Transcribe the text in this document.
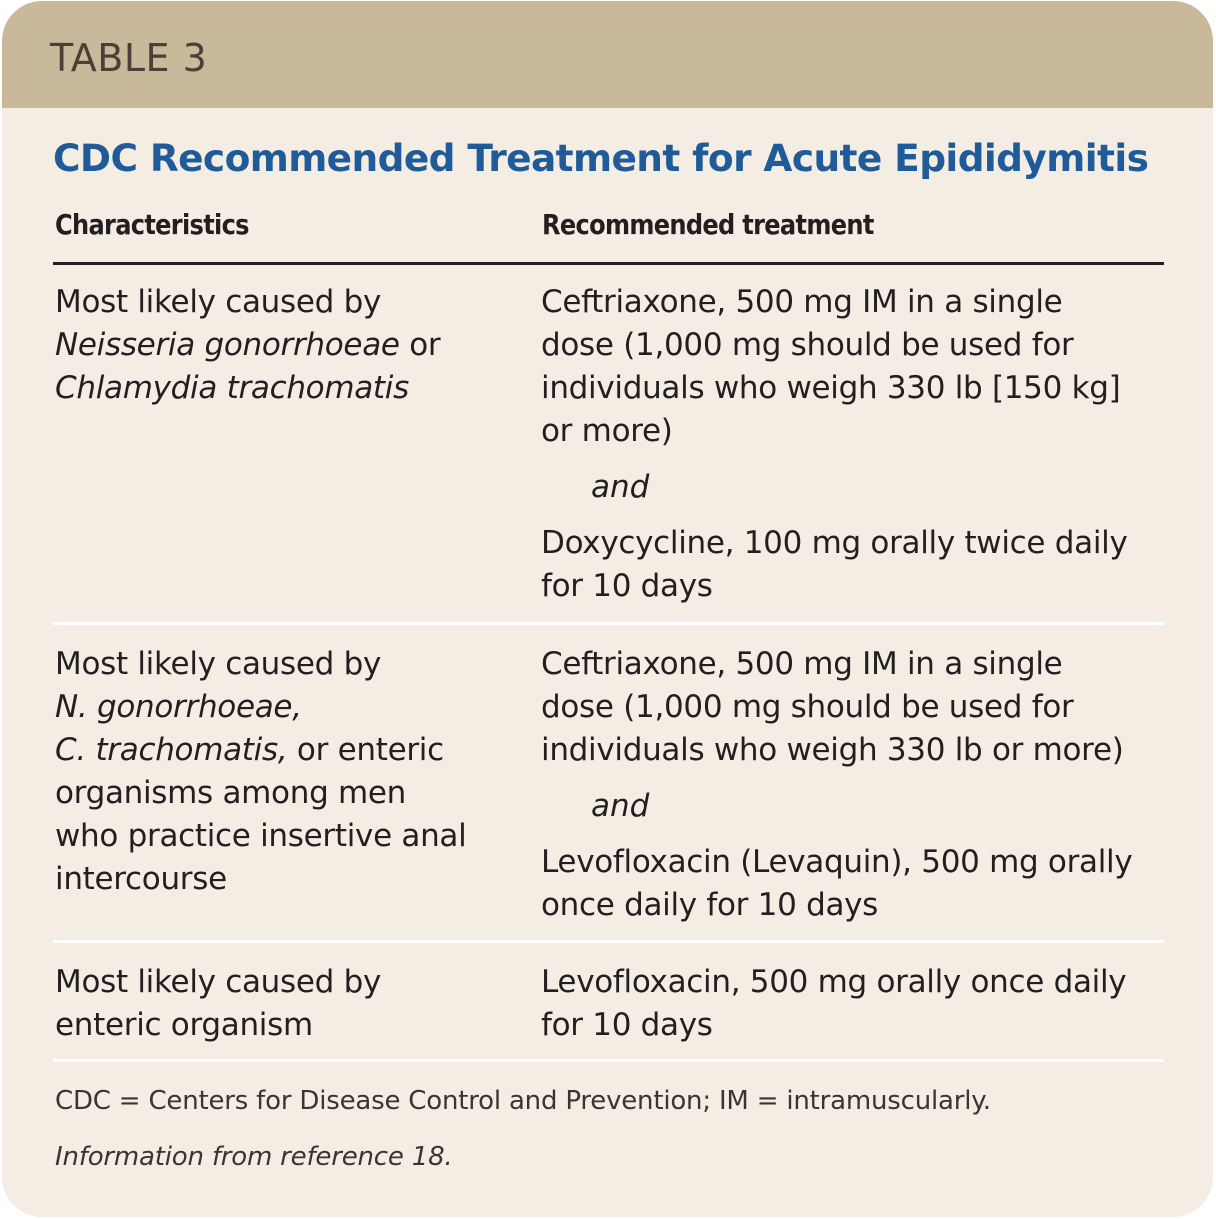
TABLE 3
CDC Recommended Treatment for Acute Epididymitis
Characteristics	Recommended treatment
Most likely caused by
Neisseria gonorrhoeae or
Chlamydia trachomatis
Ceftriaxone, 500 mg IM in a single
dose (1,000 mg should be used for
individuals who weigh 330 lb [150 kg]
or more)
and
Doxycycline, 100 mg orally twice daily
for 10 days
Most likely caused by
N. gonorrhoeae,
C. trachomatis, or enteric
organisms among men
who practice insertive anal
intercourse
Ceftriaxone, 500 mg IM in a single
dose (1,000 mg should be used for
individuals who weigh 330 lb or more)
and
Levofloxacin (Levaquin), 500 mg orally
once daily for 10 days
Most likely caused by
enteric organism
Levofloxacin, 500 mg orally once daily
for 10 days
CDC = Centers for Disease Control and Prevention; IM = intramuscularly.
Information from reference 18.
